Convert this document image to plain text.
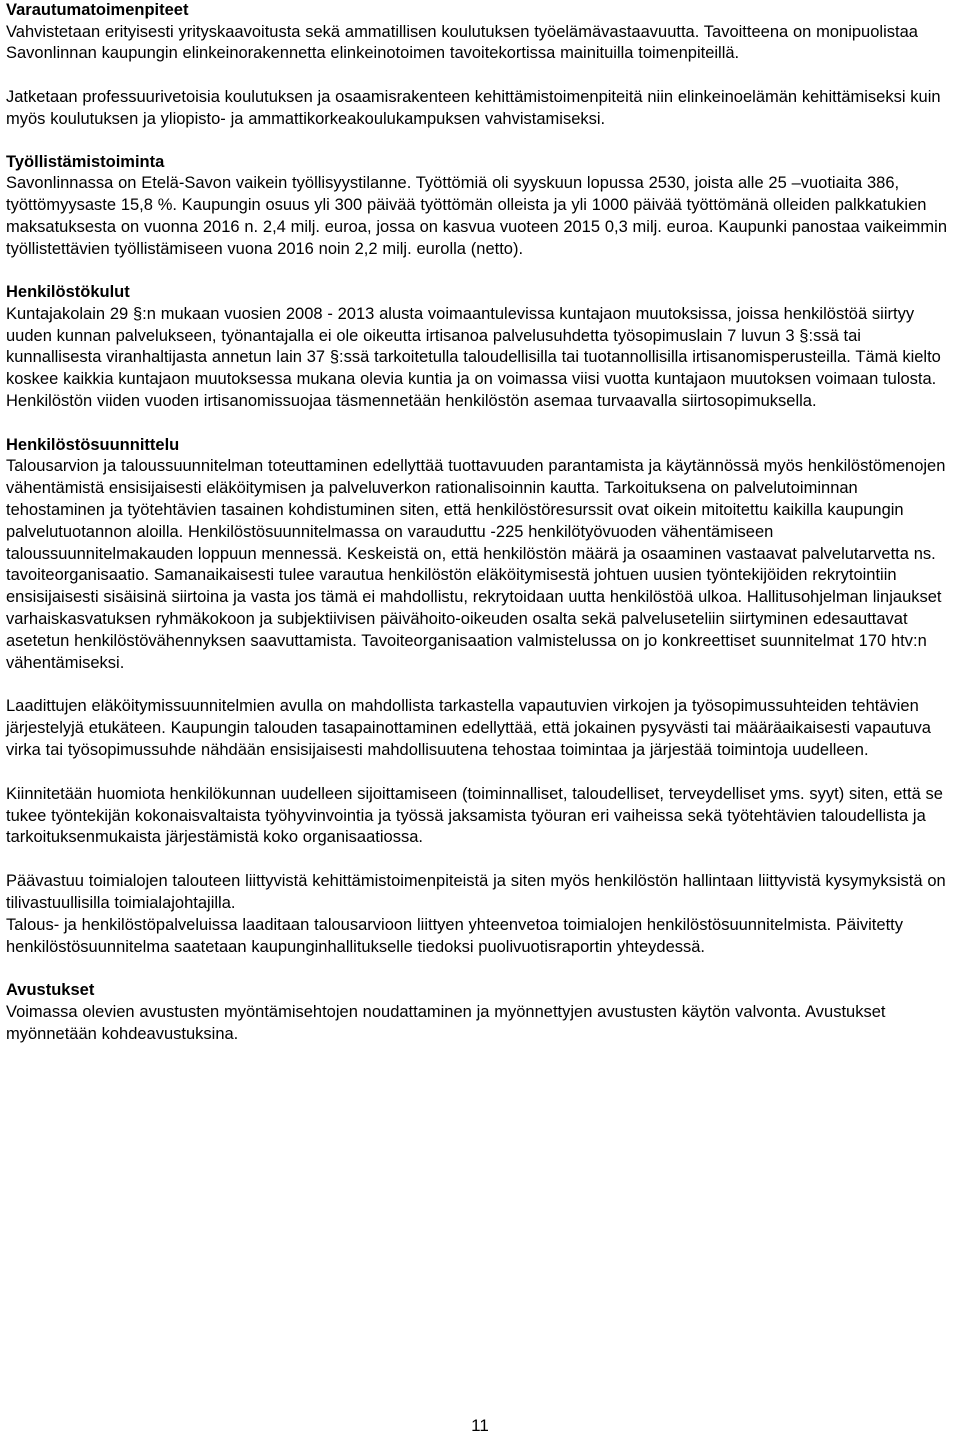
Varautumatoimenpiteet

Vahvistetaan erityisesti yrityskaavoitusta sekä ammatillisen koulutuksen työelämävastaavuutta. Tavoitteena on monipuolistaa Savonlinnan kaupungin elinkeinorakennetta elinkeinotoimen tavoitekortissa mainituilla toimenpiteillä.

Jatketaan professuurivetoisia koulutuksen ja osaamisrakenteen kehittämistoimenpiteitä niin elinkeinoelämän kehittämiseksi kuin myös koulutuksen ja yliopisto- ja ammattikorkeakoulukampuksen vahvistamiseksi.

Työllistämistoiminta

Savonlinnassa on Etelä-Savon vaikein työllisyystilanne. Työttömiä oli syyskuun lopussa 2530, joista alle 25 –vuotiaita 386, työttömyysaste 15,8 %. Kaupungin osuus yli 300 päivää työttömän olleista ja yli 1000 päivää työttömänä olleiden palkkatukien maksatuksesta on vuonna 2016 n. 2,4 milj. euroa, jossa on kasvua vuoteen 2015 0,3 milj. euroa. Kaupunki panostaa vaikeimmin työllistettävien työllistämiseen vuona 2016 noin 2,2 milj. eurolla (netto).

Henkilöstökulut

Kuntajakolain 29 §:n mukaan vuosien 2008 - 2013 alusta voimaantulevissa kuntajaon muutoksissa, joissa henkilöstöä siirtyy uuden kunnan palvelukseen, työnantajalla ei ole oikeutta irtisanoa palvelusuhdetta työsopimuslain 7 luvun 3 §:ssä tai kunnallisesta viranhaltijasta annetun lain 37 §:ssä tarkoitetulla taloudellisilla tai tuotannollisilla irtisanomisperusteilla. Tämä kielto koskee kaikkia kuntajaon muutoksessa mukana olevia kuntia ja on voimassa viisi vuotta kuntajaon muutoksen voimaan tulosta. Henkilöstön viiden vuoden irtisanomissuojaa täsmennetään henkilöstön asemaa turvaavalla siirtosopimuksella.

Henkilöstösuunnittelu

Talousarvion ja taloussuunnitelman toteuttaminen edellyttää tuottavuuden parantamista ja käytännössä myös henkilöstömenojen vähentämistä ensisijaisesti eläköitymisen ja palveluverkon rationalisoinnin kautta. Tarkoituksena on palvelutoiminnan tehostaminen ja työtehtävien tasainen kohdistuminen siten, että henkilöstöresurssit ovat oikein mitoitettu kaikilla kaupungin palvelutuotannon aloilla. Henkilöstösuunnitelmassa on varauduttu -225 henkilötyövuoden vähentämiseen taloussuunnitelmakauden loppuun mennessä. Keskeistä on, että henkilöstön määrä ja osaaminen vastaavat palvelutarvetta ns. tavoiteorganisaatio. Samanaikaisesti tulee varautua henkilöstön eläköitymisestä johtuen uusien työntekijöiden rekrytointiin ensisijaisesti sisäisinä siirtoina ja vasta jos tämä ei mahdollistu, rekrytoidaan uutta henkilöstöä ulkoa. Hallitusohjelman linjaukset varhaiskasvatuksen ryhmäkokoon ja subjektiivisen päivähoito-oikeuden osalta sekä palveluseteliin siirtyminen edesauttavat asetetun henkilöstövähennyksen saavuttamista. Tavoiteorganisaation valmistelussa on jo konkreettiset suunnitelmat 170 htv:n vähentämiseksi.

Laadittujen eläköitymissuunnitelmien avulla on mahdollista tarkastella vapautuvien virkojen ja työsopimussuhteiden tehtävien järjestelyjä etukäteen. Kaupungin talouden tasapainottaminen edellyttää, että jokainen pysyvästi tai määräaikaisesti vapautuva virka tai työsopimussuhde nähdään ensisijaisesti mahdollisuutena tehostaa toimintaa ja järjestää toimintoja uudelleen.

Kiinnitetään huomiota henkilökunnan uudelleen sijoittamiseen (toiminnalliset, taloudelliset, terveydelliset yms. syyt) siten, että se tukee työntekijän kokonaisvaltaista työhyvinvointia ja työssä jaksamista työuran eri vaiheissa sekä työtehtävien taloudellista ja tarkoituksenmukaista järjestämistä koko organisaatiossa.

Päävastuu toimialojen talouteen liittyvistä kehittämistoimenpiteistä ja siten myös henkilöstön hallintaan liittyvistä kysymyksistä on tilivastuullisilla toimialajohtajilla.

Talous- ja henkilöstöpalveluissa laaditaan talousarvioon liittyen yhteenvetoa toimialojen henkilöstösuunnitelmista. Päivitetty henkilöstösuunnitelma saatetaan kaupunginhallitukselle tiedoksi puolivuotisraportin yhteydessä.

Avustukset

Voimassa olevien avustusten myöntämisehtojen noudattaminen ja myönnettyjen avustusten käytön valvonta. Avustukset myönnetään kohdeavustuksina.

11
